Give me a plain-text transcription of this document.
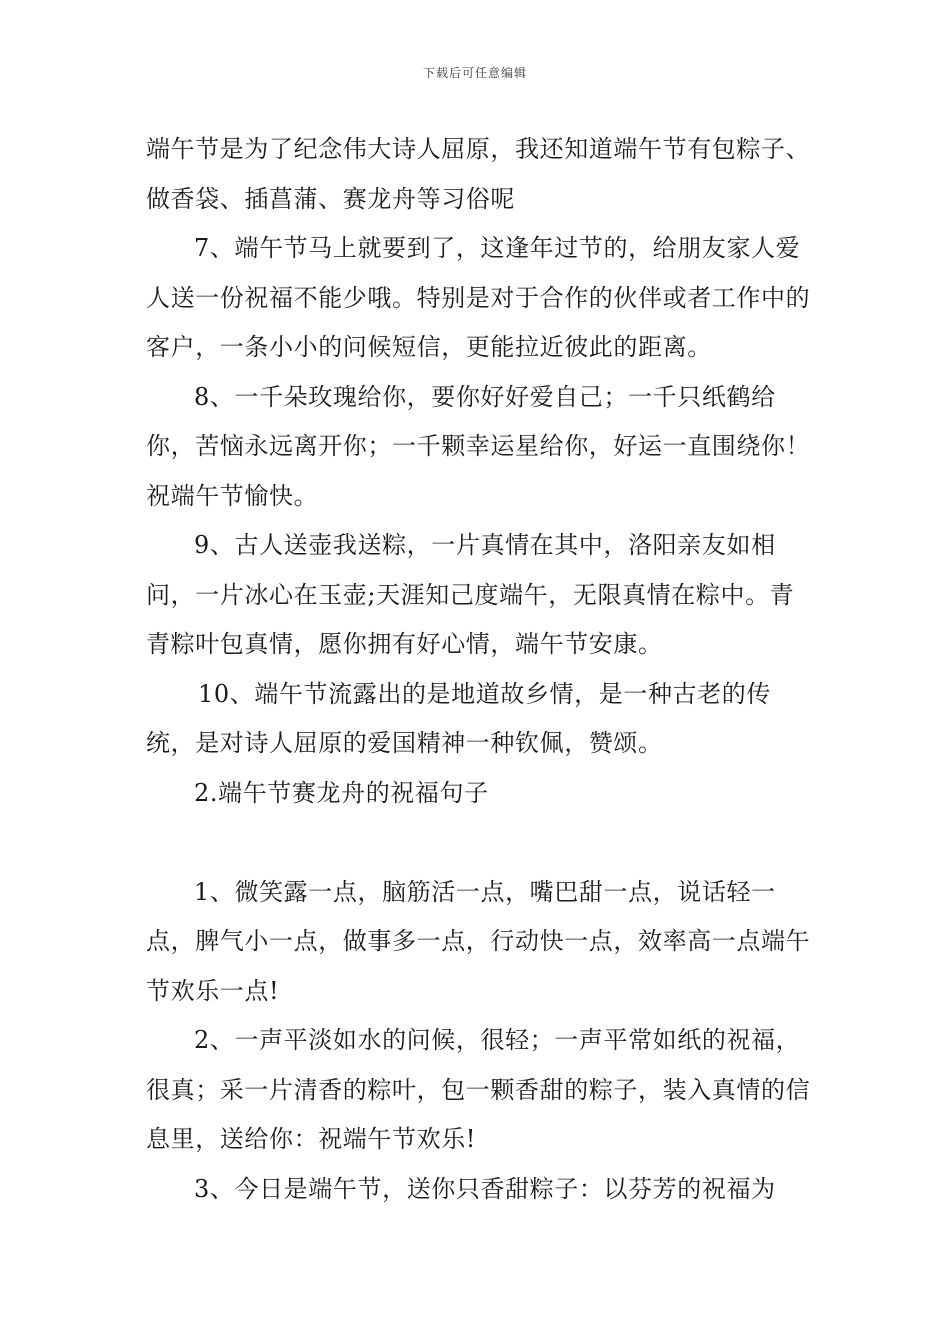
下载后可任意编辑

端午节是为了纪念伟大诗人屈原，我还知道端午节有包粽子、做香袋、插菖蒲、赛龙舟等习俗呢

7、端午节马上就要到了，这逢年过节的，给朋友家人爱人送一份祝福不能少哦。特别是对于合作的伙伴或者工作中的客户，一条小小的问候短信，更能拉近彼此的距离。

8、一千朵玫瑰给你，要你好好爱自己；一千只纸鹤给你，苦恼永远离开你；一千颗幸运星给你，好运一直围绕你！祝端午节愉快。

9、古人送壶我送粽，一片真情在其中，洛阳亲友如相问，一片冰心在玉壶;天涯知己度端午，无限真情在粽中。青青粽叶包真情，愿你拥有好心情，端午节安康。

10、端午节流露出的是地道故乡情，是一种古老的传统，是对诗人屈原的爱国精神一种钦佩，赞颂。

2.端午节赛龙舟的祝福句子

1、微笑露一点，脑筋活一点，嘴巴甜一点，说话轻一点，脾气小一点，做事多一点，行动快一点，效率高一点端午节欢乐一点!

2、一声平淡如水的问候，很轻；一声平常如纸的祝福，很真；采一片清香的粽叶，包一颗香甜的粽子，装入真情的信息里，送给你：祝端午节欢乐!

3、今日是端午节，送你只香甜粽子：以芬芳的祝福为
